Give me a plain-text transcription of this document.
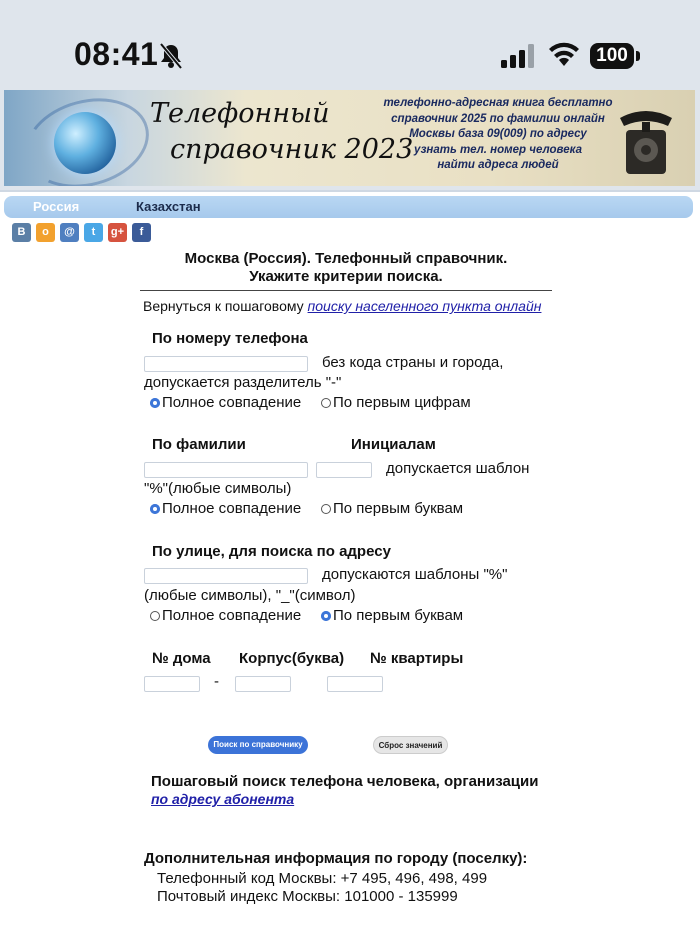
08:41	100
Телефонный
справочник 2023
телефонно-адресная книга бесплатно
справочник 2025 по фамилии онлайн
Москвы база 09(009) по адресу
узнать тел. номер человека
найти адреса людей
Россия	Казахстан
В	о	@	t	g+	f
Москва (Россия). Телефонный справочник.
Укажите критерии поиска.
Вернуться к пошаговому поиску населенного пункта онлайн
По номеру телефона
без кода страны и города,
допускается разделитель "-"
Полное совпадение По первым цифрам
По фамилии	Инициалам
допускается шаблон
"%"(любые символы)
Полное совпадение По первым буквам
По улице, для поиска по адресу
допускаются шаблоны "%"
(любые символы), "_"(символ)
Полное совпадение По первым буквам
№ дома Корпус(буква) № квартиры
-
Поиск по справочнику	Сброс значений
Пошаговый поиск телефона человека, организации
по адресу абонента
Дополнительная информация по городу (поселку):
Телефонный код Москвы: +7 495, 496, 498, 499
Почтовый индекс Москвы: 101000 - 135999
